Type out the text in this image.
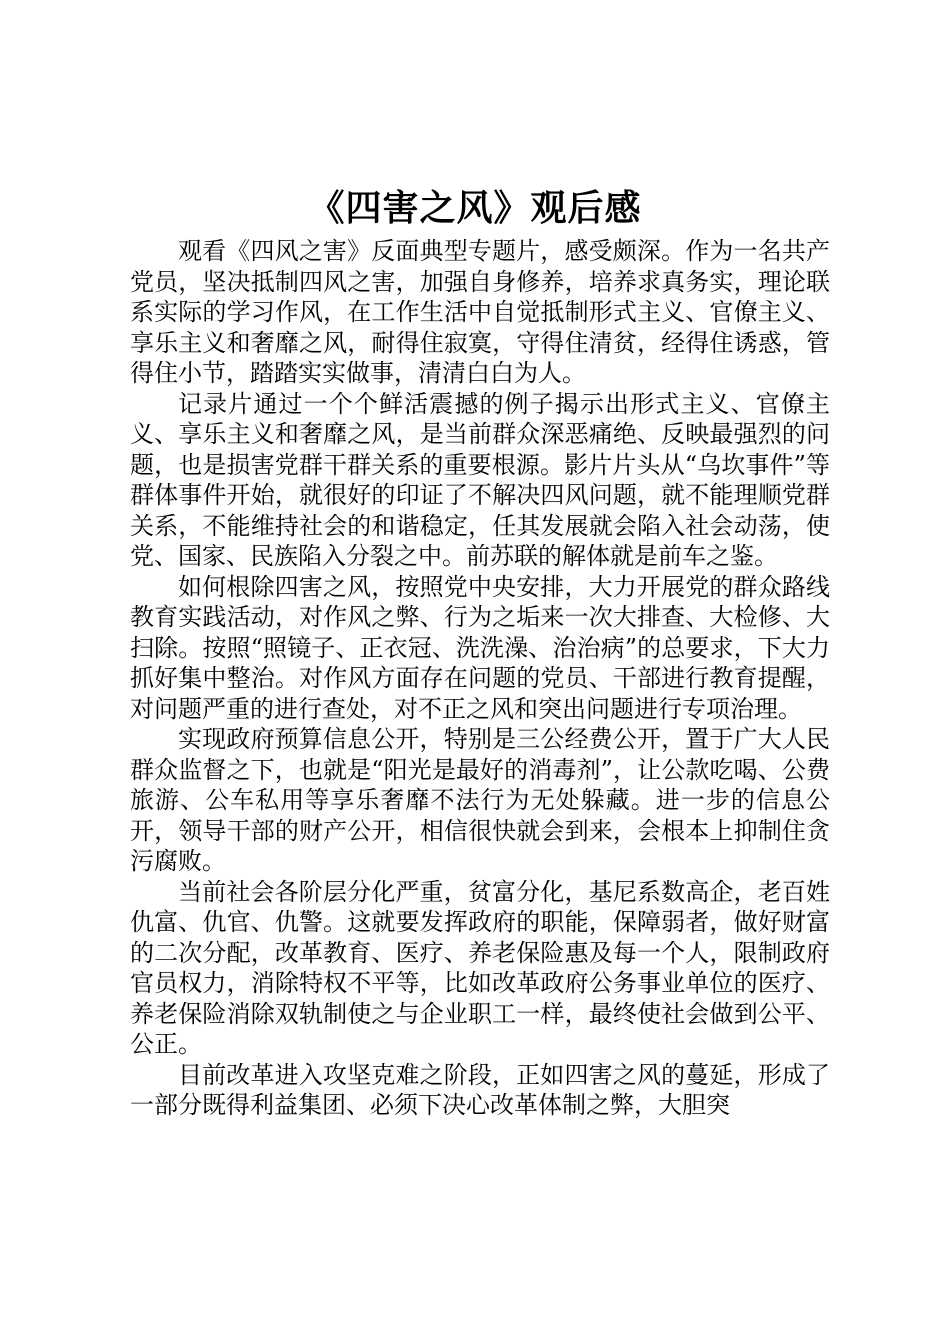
《四害之风》观后感

观看《四风之害》反面典型专题片，感受颇深。作为一名共产党员，坚决抵制四风之害，加强自身修养，培养求真务实，理论联系实际的学习作风，在工作生活中自觉抵制形式主义、官僚主义、享乐主义和奢靡之风，耐得住寂寞，守得住清贫，经得住诱惑，管得住小节，踏踏实实做事，清清白白为人。

记录片通过一个个鲜活震撼的例子揭示出形式主义、官僚主义、享乐主义和奢靡之风，是当前群众深恶痛绝、反映最强烈的问题，也是损害党群干群关系的重要根源。影片片头从“乌坎事件”等群体事件开始，就很好的印证了不解决四风问题，就不能理顺党群关系，不能维持社会的和谐稳定，任其发展就会陷入社会动荡，使党、国家、民族陷入分裂之中。前苏联的解体就是前车之鉴。

如何根除四害之风，按照党中央安排，大力开展党的群众路线教育实践活动，对作风之弊、行为之垢来一次大排查、大检修、大扫除。按照“照镜子、正衣冠、洗洗澡、治治病”的总要求，下大力抓好集中整治。对作风方面存在问题的党员、干部进行教育提醒，对问题严重的进行查处，对不正之风和突出问题进行专项治理。

实现政府预算信息公开，特别是三公经费公开，置于广大人民群众监督之下，也就是“阳光是最好的消毒剂”，让公款吃喝、公费旅游、公车私用等享乐奢靡不法行为无处躲藏。进一步的信息公开，领导干部的财产公开，相信很快就会到来，会根本上抑制住贪污腐败。

当前社会各阶层分化严重，贫富分化，基尼系数高企，老百姓仇富、仇官、仇警。这就要发挥政府的职能，保障弱者，做好财富的二次分配，改革教育、医疗、养老保险惠及每一个人，限制政府官员权力，消除特权不平等，比如改革政府公务事业单位的医疗、养老保险消除双轨制使之与企业职工一样，最终使社会做到公平、公正。

目前改革进入攻坚克难之阶段，正如四害之风的蔓延，形成了一部分既得利益集团、必须下决心改革体制之弊，大胆突
